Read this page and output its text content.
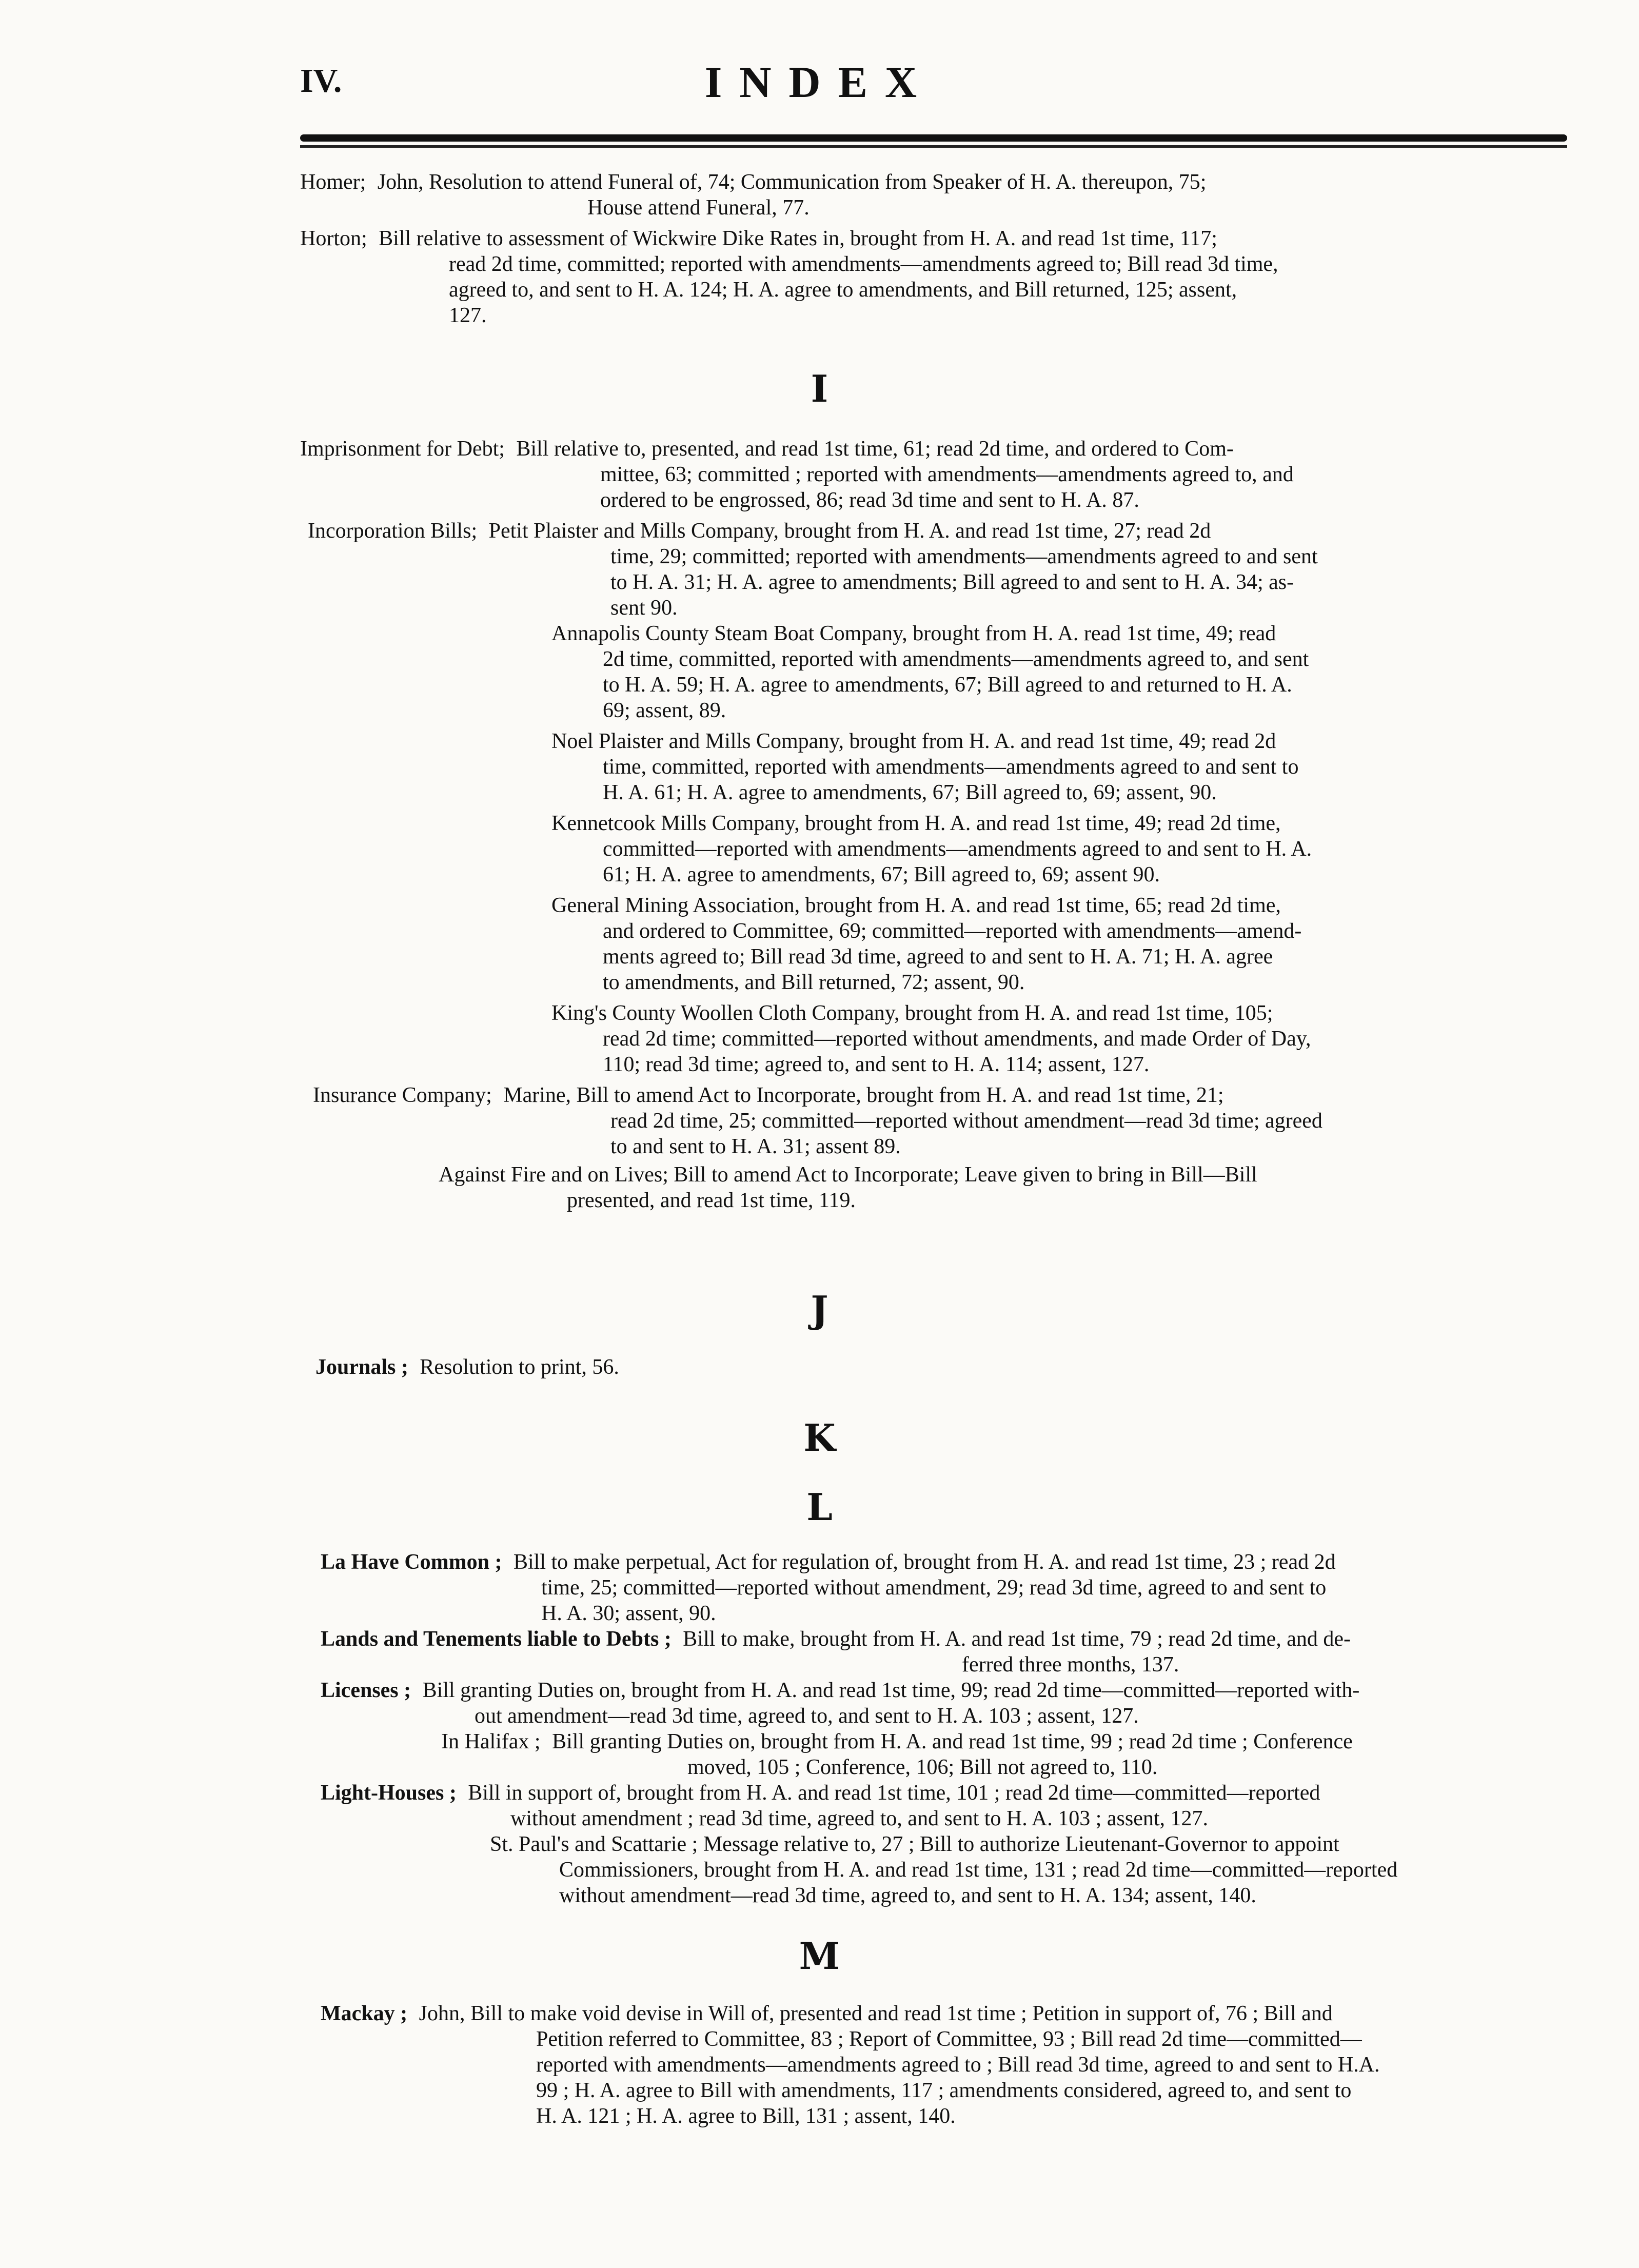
IV.	INDEX
I
J
K
L
M
Homer; John, Resolution to attend Funeral of, 74; Communication from Speaker of H. A. thereupon, 75;
House attend Funeral, 77.
Horton; Bill relative to assessment of Wickwire Dike Rates in, brought from H. A. and read 1st time, 117;
read 2d time, committed; reported with amendments—amendments agreed to; Bill read 3d time,
agreed to, and sent to H. A. 124; H. A. agree to amendments, and Bill returned, 125; assent,
127.
Imprisonment for Debt; Bill relative to, presented, and read 1st time, 61; read 2d time, and ordered to Com-
mittee, 63; committed ; reported with amendments—amendments agreed to, and
ordered to be engrossed, 86; read 3d time and sent to H. A. 87.
Incorporation Bills; Petit Plaister and Mills Company, brought from H. A. and read 1st time, 27; read 2d
time, 29; committed; reported with amendments—amendments agreed to and sent
to H. A. 31; H. A. agree to amendments; Bill agreed to and sent to H. A. 34; as-
sent 90.
Annapolis County Steam Boat Company, brought from H. A. read 1st time, 49; read
2d time, committed, reported with amendments—amendments agreed to, and sent
to H. A. 59; H. A. agree to amendments, 67; Bill agreed to and returned to H. A.
69; assent, 89.
Noel Plaister and Mills Company, brought from H. A. and read 1st time, 49; read 2d
time, committed, reported with amendments—amendments agreed to and sent to
H. A. 61; H. A. agree to amendments, 67; Bill agreed to, 69; assent, 90.
Kennetcook Mills Company, brought from H. A. and read 1st time, 49; read 2d time,
committed—reported with amendments—amendments agreed to and sent to H. A.
61; H. A. agree to amendments, 67; Bill agreed to, 69; assent 90.
General Mining Association, brought from H. A. and read 1st time, 65; read 2d time,
and ordered to Committee, 69; committed—reported with amendments—amend-
ments agreed to; Bill read 3d time, agreed to and sent to H. A. 71; H. A. agree
to amendments, and Bill returned, 72; assent, 90.
King's County Woollen Cloth Company, brought from H. A. and read 1st time, 105;
read 2d time; committed—reported without amendments, and made Order of Day,
110; read 3d time; agreed to, and sent to H. A. 114; assent, 127.
Insurance Company; Marine, Bill to amend Act to Incorporate, brought from H. A. and read 1st time, 21;
read 2d time, 25; committed—reported without amendment—read 3d time; agreed
to and sent to H. A. 31; assent 89.
Against Fire and on Lives; Bill to amend Act to Incorporate; Leave given to bring in Bill—Bill
presented, and read 1st time, 119.
Journals ; Resolution to print, 56.
La Have Common ; Bill to make perpetual, Act for regulation of, brought from H. A. and read 1st time, 23 ; read 2d
time, 25; committed—reported without amendment, 29; read 3d time, agreed to and sent to
H. A. 30; assent, 90.
Lands and Tenements liable to Debts ; Bill to make, brought from H. A. and read 1st time, 79 ; read 2d time, and de-
ferred three months, 137.
Licenses ; Bill granting Duties on, brought from H. A. and read 1st time, 99; read 2d time—committed—reported with-
out amendment—read 3d time, agreed to, and sent to H. A. 103 ; assent, 127.
In Halifax ; Bill granting Duties on, brought from H. A. and read 1st time, 99 ; read 2d time ; Conference
moved, 105 ; Conference, 106; Bill not agreed to, 110.
Light-Houses ; Bill in support of, brought from H. A. and read 1st time, 101 ; read 2d time—committed—reported
without amendment ; read 3d time, agreed to, and sent to H. A. 103 ; assent, 127.
St. Paul's and Scattarie ; Message relative to, 27 ; Bill to authorize Lieutenant-Governor to appoint
Commissioners, brought from H. A. and read 1st time, 131 ; read 2d time—committed—reported
without amendment—read 3d time, agreed to, and sent to H. A. 134; assent, 140.
Mackay ; John, Bill to make void devise in Will of, presented and read 1st time ; Petition in support of, 76 ; Bill and
Petition referred to Committee, 83 ; Report of Committee, 93 ; Bill read 2d time—committed—
reported with amendments—amendments agreed to ; Bill read 3d time, agreed to and sent to H.A.
99 ; H. A. agree to Bill with amendments, 117 ; amendments considered, agreed to, and sent to
H. A. 121 ; H. A. agree to Bill, 131 ; assent, 140.
